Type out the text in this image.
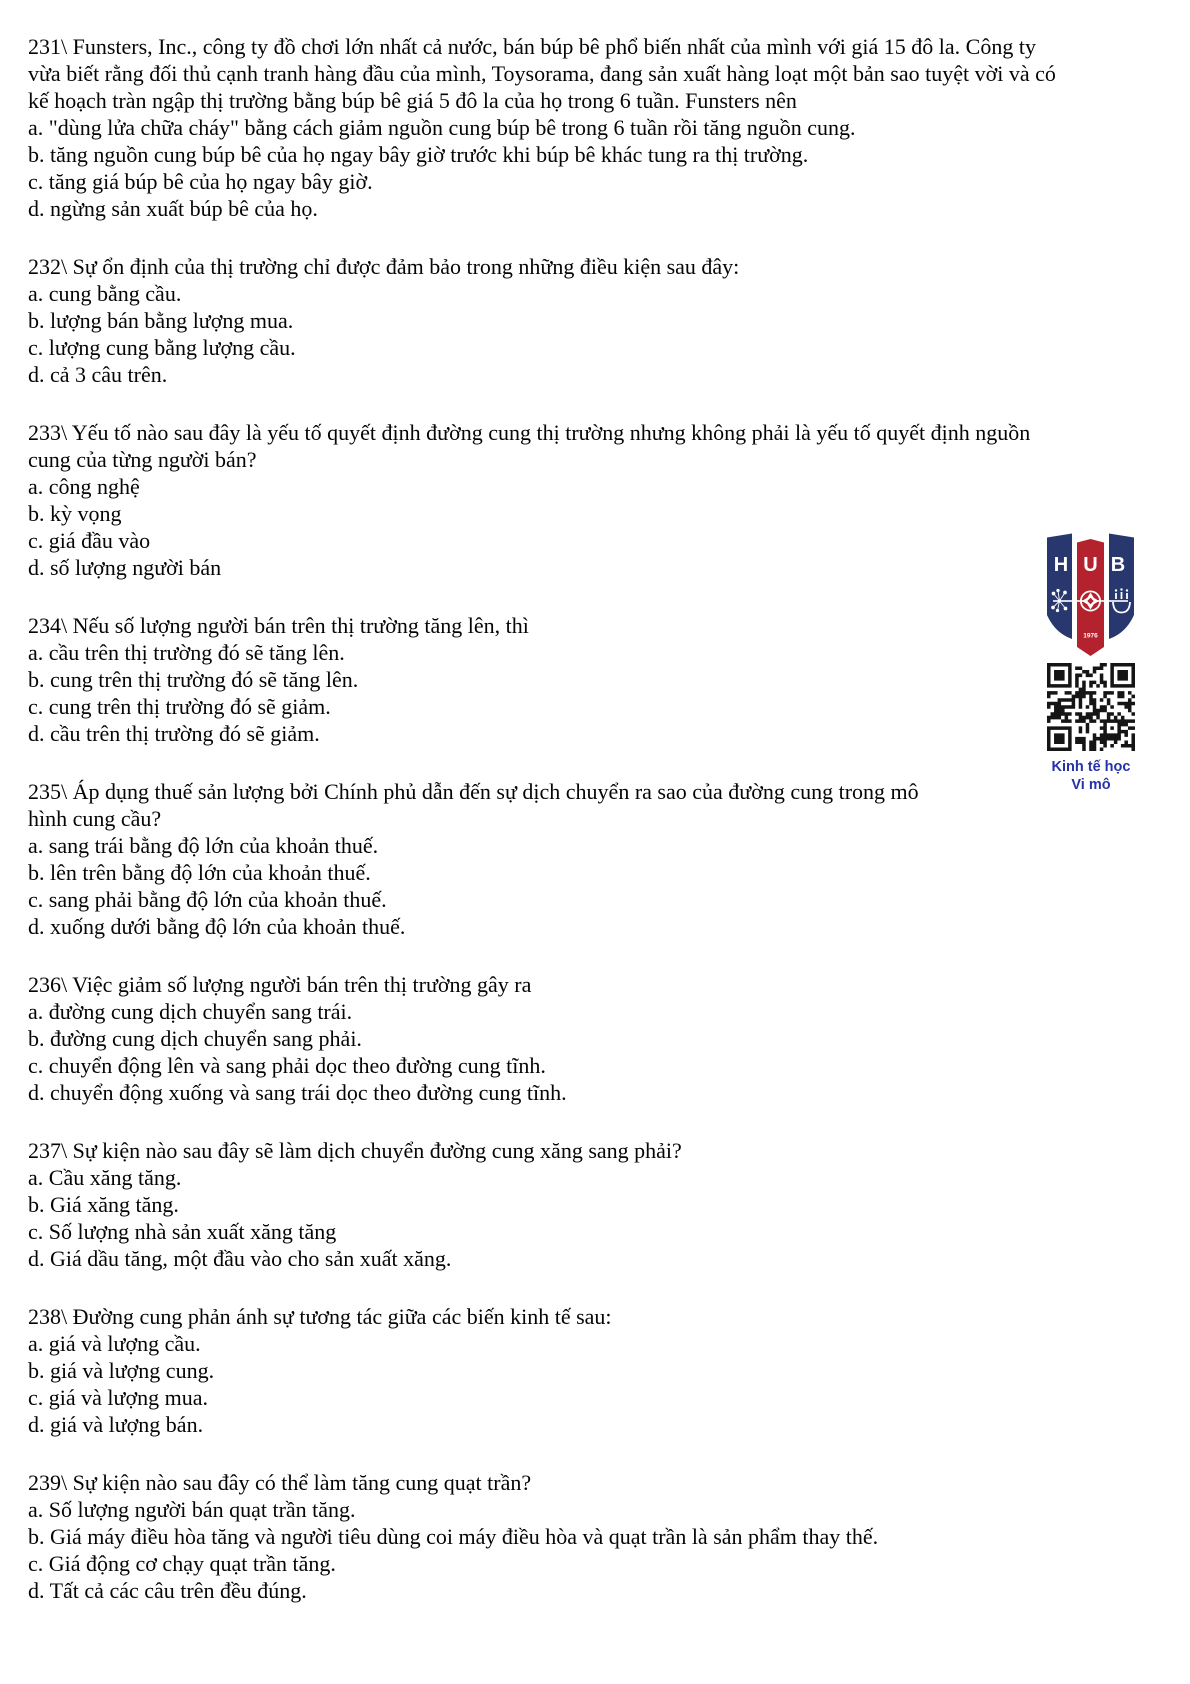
231\ Funsters, Inc., công ty đồ chơi lớn nhất cả nước, bán búp bê phổ biến nhất của mình với giá 15 đô la. Công ty
vừa biết rằng đối thủ cạnh tranh hàng đầu của mình, Toysorama, đang sản xuất hàng loạt một bản sao tuyệt vời và có
kế hoạch tràn ngập thị trường bằng búp bê giá 5 đô la của họ trong 6 tuần. Funsters nên
a. "dùng lửa chữa cháy" bằng cách giảm nguồn cung búp bê trong 6 tuần rồi tăng nguồn cung.
b. tăng nguồn cung búp bê của họ ngay bây giờ trước khi búp bê khác tung ra thị trường.
c. tăng giá búp bê của họ ngay bây giờ.
d. ngừng sản xuất búp bê của họ.
232\ Sự ổn định của thị trường chỉ được đảm bảo trong những điều kiện sau đây:
a. cung bằng cầu.
b. lượng bán bằng lượng mua.
c. lượng cung bằng lượng cầu.
d. cả 3 câu trên.
233\ Yếu tố nào sau đây là yếu tố quyết định đường cung thị trường nhưng không phải là yếu tố quyết định nguồn
cung của từng người bán?
a. công nghệ
b. kỳ vọng
c. giá đầu vào
d. số lượng người bán
234\ Nếu số lượng người bán trên thị trường tăng lên, thì
a. cầu trên thị trường đó sẽ tăng lên.
b. cung trên thị trường đó sẽ tăng lên.
c. cung trên thị trường đó sẽ giảm.
d. cầu trên thị trường đó sẽ giảm.
235\ Áp dụng thuế sản lượng bởi Chính phủ dẫn đến sự dịch chuyển ra sao của đường cung trong mô
hình cung cầu?
a. sang trái bằng độ lớn của khoản thuế.
b. lên trên bằng độ lớn của khoản thuế.
c. sang phải bằng độ lớn của khoản thuế.
d. xuống dưới bằng độ lớn của khoản thuế.
236\ Việc giảm số lượng người bán trên thị trường gây ra
a. đường cung dịch chuyển sang trái.
b. đường cung dịch chuyển sang phải.
c. chuyển động lên và sang phải dọc theo đường cung tĩnh.
d. chuyển động xuống và sang trái dọc theo đường cung tĩnh.
237\ Sự kiện nào sau đây sẽ làm dịch chuyển đường cung xăng sang phải?
a. Cầu xăng tăng.
b. Giá xăng tăng.
c. Số lượng nhà sản xuất xăng tăng
d. Giá dầu tăng, một đầu vào cho sản xuất xăng.
238\ Đường cung phản ánh sự tương tác giữa các biến kinh tế sau:
a. giá và lượng cầu.
b. giá và lượng cung.
c. giá và lượng mua.
d. giá và lượng bán.
239\ Sự kiện nào sau đây có thể làm tăng cung quạt trần?
a. Số lượng người bán quạt trần tăng.
b. Giá máy điều hòa tăng và người tiêu dùng coi máy điều hòa và quạt trần là sản phẩm thay thế.
c. Giá động cơ chạy quạt trần tăng.
d. Tất cả các câu trên đều đúng.
H U B
1976
Kinh tế học
Vi mô
